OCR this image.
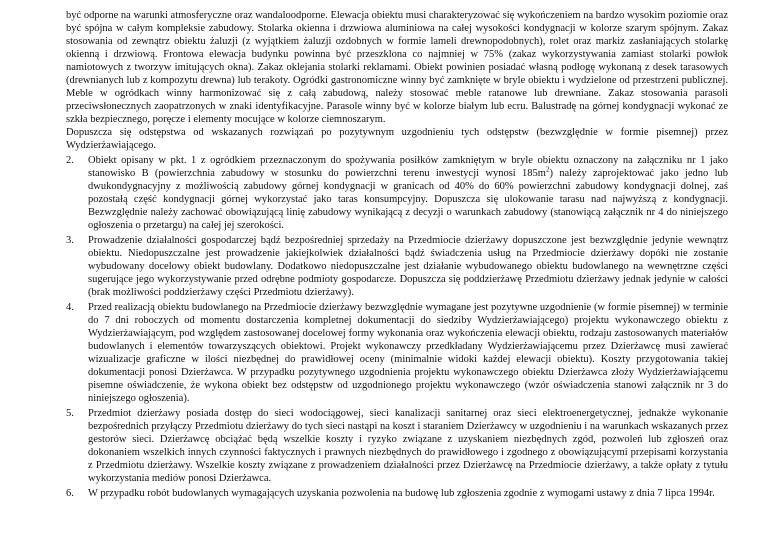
być odporne na warunki atmosferyczne oraz wandaloodporne. Elewacja obiektu musi charakteryzować się wykończeniem na bardzo wysokim poziomie oraz być spójna w całym kompleksie zabudowy. Stolarka okienna i drzwiowa aluminiowa na całej wysokości kondygnacji w kolorze szarym spójnym. Zakaz stosowania od zewnątrz obiektu żaluzji (z wyjątkiem żaluzji ozdobnych w formie lameli drewnopodobnych), rolet oraz markiz zasłaniających stolarkę okienną i drzwiową. Frontowa elewacja budynku powinna być przeszklona co najmniej w 75% (zakaz wykorzystywania zamiast stolarki powłok namiotowych z tworzyw imitujących okna). Zakaz oklejania stolarki reklamami. Obiekt powinien posiadać własną podłogę wykonaną z desek tarasowych (drewnianych lub z kompozytu drewna) lub terakoty. Ogródki gastronomiczne winny być zamknięte w bryle obiektu i wydzielone od przestrzeni publicznej. Meble w ogródkach winny harmonizować się z całą zabudową, należy stosować meble ratanowe lub drewniane. Zakaz stosowania parasoli przeciwsłonecznych zaopatrzonych w znaki identyfikacyjne. Parasole winny być w kolorze białym lub ecru. Balustradę na górnej kondygnacji wykonać ze szkła bezpiecznego, poręcze i elementy mocujące w kolorze ciemnoszarym.

Dopuszcza się odstępstwa od wskazanych rozwiązań po pozytywnym uzgodnieniu tych odstępstw (bezwzględnie w formie pisemnej) przez Wydzierżawiającego.

2.	Obiekt opisany w pkt. 1 z ogródkiem przeznaczonym do spożywania posiłków zamkniętym w bryle obiektu oznaczony na załączniku nr 1 jako stanowisko B (powierzchnia zabudowy w stosunku do powierzchni terenu inwestycji wynosi $185m^2$) należy zaprojektować jako jedno lub dwukondygnacyjny z możliwością zabudowy górnej kondygnacji w granicach od 40% do 60% powierzchni zabudowy kondygnacji dolnej, zaś pozostałą część kondygnacji górnej wykorzystać jako taras konsumpcyjny. Dopuszcza się ulokowanie tarasu nad najwyższą z kondygnacji. Bezwzględnie należy zachować obowiązującą linię zabudowy wynikającą z decyzji o warunkach zabudowy (stanowiącą załącznik nr 4 do niniejszego ogłoszenia o przetargu) na całej jej szerokości.
3.	Prowadzenie działalności gospodarczej bądź bezpośredniej sprzedaży na Przedmiocie dzierżawy dopuszczone jest bezwzględnie jedynie wewnątrz obiektu. Niedopuszczalne jest prowadzenie jakiejkolwiek działalności bądź świadczenia usług na Przedmiocie dzierżawy dopóki nie zostanie wybudowany docelowy obiekt budowlany. Dodatkowo niedopuszczalne jest działanie wybudowanego obiektu budowlanego na wewnętrzne części sugerujące jego wykorzystywanie przed odrębne podmioty gospodarcze. Dopuszcza się poddzierżawę Przedmiotu dzierżawy jednak jedynie w całości (brak możliwości poddzierżawy części Przedmiotu dzierżawy).
4.	Przed realizacją obiektu budowlanego na Przedmiocie dzierżawy bezwzględnie wymagane jest pozytywne uzgodnienie (w formie pisemnej) w terminie do 7 dni roboczych od momentu dostarczenia kompletnej dokumentacji do siedziby Wydzierżawiającego) projektu wykonawczego obiektu z Wydzierżawiającym, pod względem zastosowanej docelowej formy wykonania oraz wykończenia elewacji obiektu, rodzaju zastosowanych materiałów budowlanych i elementów towarzyszących obiektowi. Projekt wykonawczy przedkładany Wydzierżawiającemu przez Dzierżawcę musi zawierać wizualizacje graficzne w ilości niezbędnej do prawidłowej oceny (minimalnie widoki każdej elewacji obiektu). Koszty przygotowania takiej dokumentacji ponosi Dzierżawca. W przypadku pozytywnego uzgodnienia projektu wykonawczego obiektu Dzierżawca złoży Wydzierżawiającemu pisemne oświadczenie, że wykona obiekt bez odstępstw od uzgodnionego projektu wykonawczego (wzór oświadczenia stanowi załącznik nr 3 do niniejszego ogłoszenia).
5.	Przedmiot dzierżawy posiada dostęp do sieci wodociągowej, sieci kanalizacji sanitarnej oraz sieci elektroenergetycznej, jednakże wykonanie bezpośrednich przyłączy Przedmiotu dzierżawy do tych sieci nastąpi na koszt i staraniem Dzierżawcy w uzgodnieniu i na warunkach wskazanych przez gestorów sieci. Dzierżawcę obciążać będą wszelkie koszty i ryzyko związane z uzyskaniem niezbędnych zgód, pozwoleń lub zgłoszeń oraz dokonaniem wszelkich innych czynności faktycznych i prawnych niezbędnych do prawidłowego i zgodnego z obowiązującymi przepisami korzystania z Przedmiotu dzierżawy. Wszelkie koszty związane z prowadzeniem działalności przez Dzierżawcę na Przedmiocie dzierżawy, a także opłaty z tytułu wykorzystania mediów ponosi Dzierżawca.
6.	W przypadku robót budowlanych wymagających uzyskania pozwolenia na budowę lub zgłoszenia zgodnie z wymogami ustawy z dnia 7 lipca 1994r.
